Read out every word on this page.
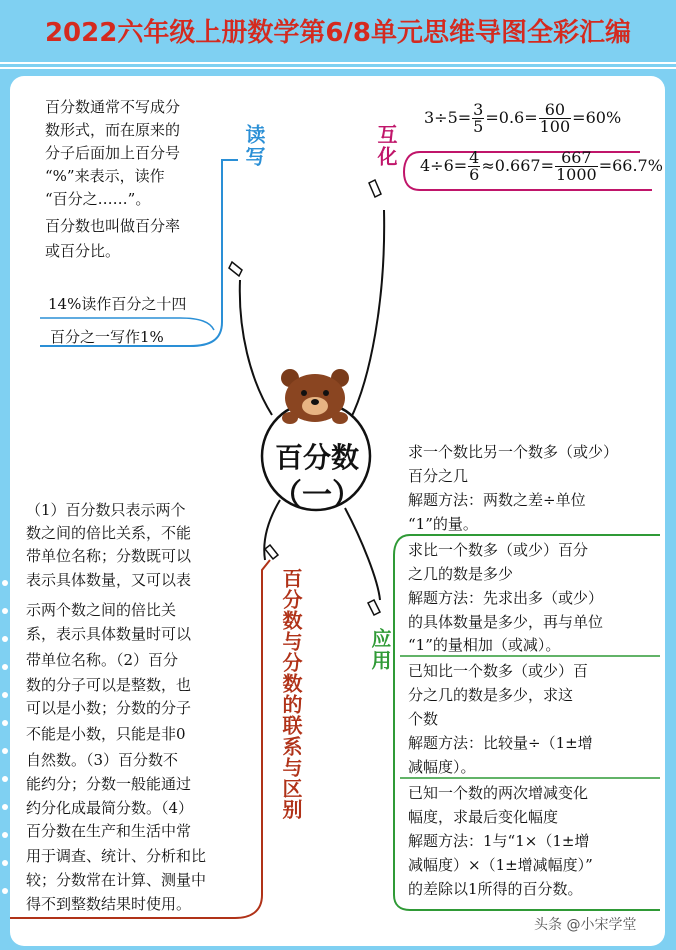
2022六年级上册数学第6/8单元思维导图全彩汇编
百分数
（一）
读写
百分数通常不写成分
数形式，而在原来的
分子后面加上百分号
“%”来表示，读作
“百分之……”。
百分数也叫做百分率
或百分比。
14%读作百分之十四
百分之一写作1%
互化
$3\div 5= \frac{3}{5} =0.6= \frac{60}{100} =60\%$
$4\div 6= \frac{4}{6} \approx 0.667= \frac{667}{1000} =66.7\%$
百分数与分数的联系与区别
（1）百分数只表示两个
数之间的倍比关系，不能
带单位名称；分数既可以
表示具体数量，又可以表
示两个数之间的倍比关
系，表示具体数量时可以
带单位名称。（2）百分
数的分子可以是整数，也
可以是小数；分数的分子
不能是小数，只能是非0
自然数。（3）百分数不
能约分；分数一般能通过
约分化成最简分数。（4）
百分数在生产和生活中常
用于调查、统计、分析和比
较；分数常在计算、测量中
得不到整数结果时使用。
应用
求一个数比另一个数多（或少）
百分之几
解题方法：两数之差÷单位
“1”的量。
求比一个数多（或少）百分
之几的数是多少
解题方法：先求出多（或少）
的具体数量是多少，再与单位
“1”的量相加（或减）。
已知比一个数多（或少）百
分之几的数是多少，求这
个数
解题方法：比较量÷（1±增
减幅度）。
已知一个数的两次增减变化
幅度，求最后变化幅度
解题方法：1与“1×（1±增
减幅度）×（1±增减幅度）”
的差除以1所得的百分数。
头条 @小宋学堂
